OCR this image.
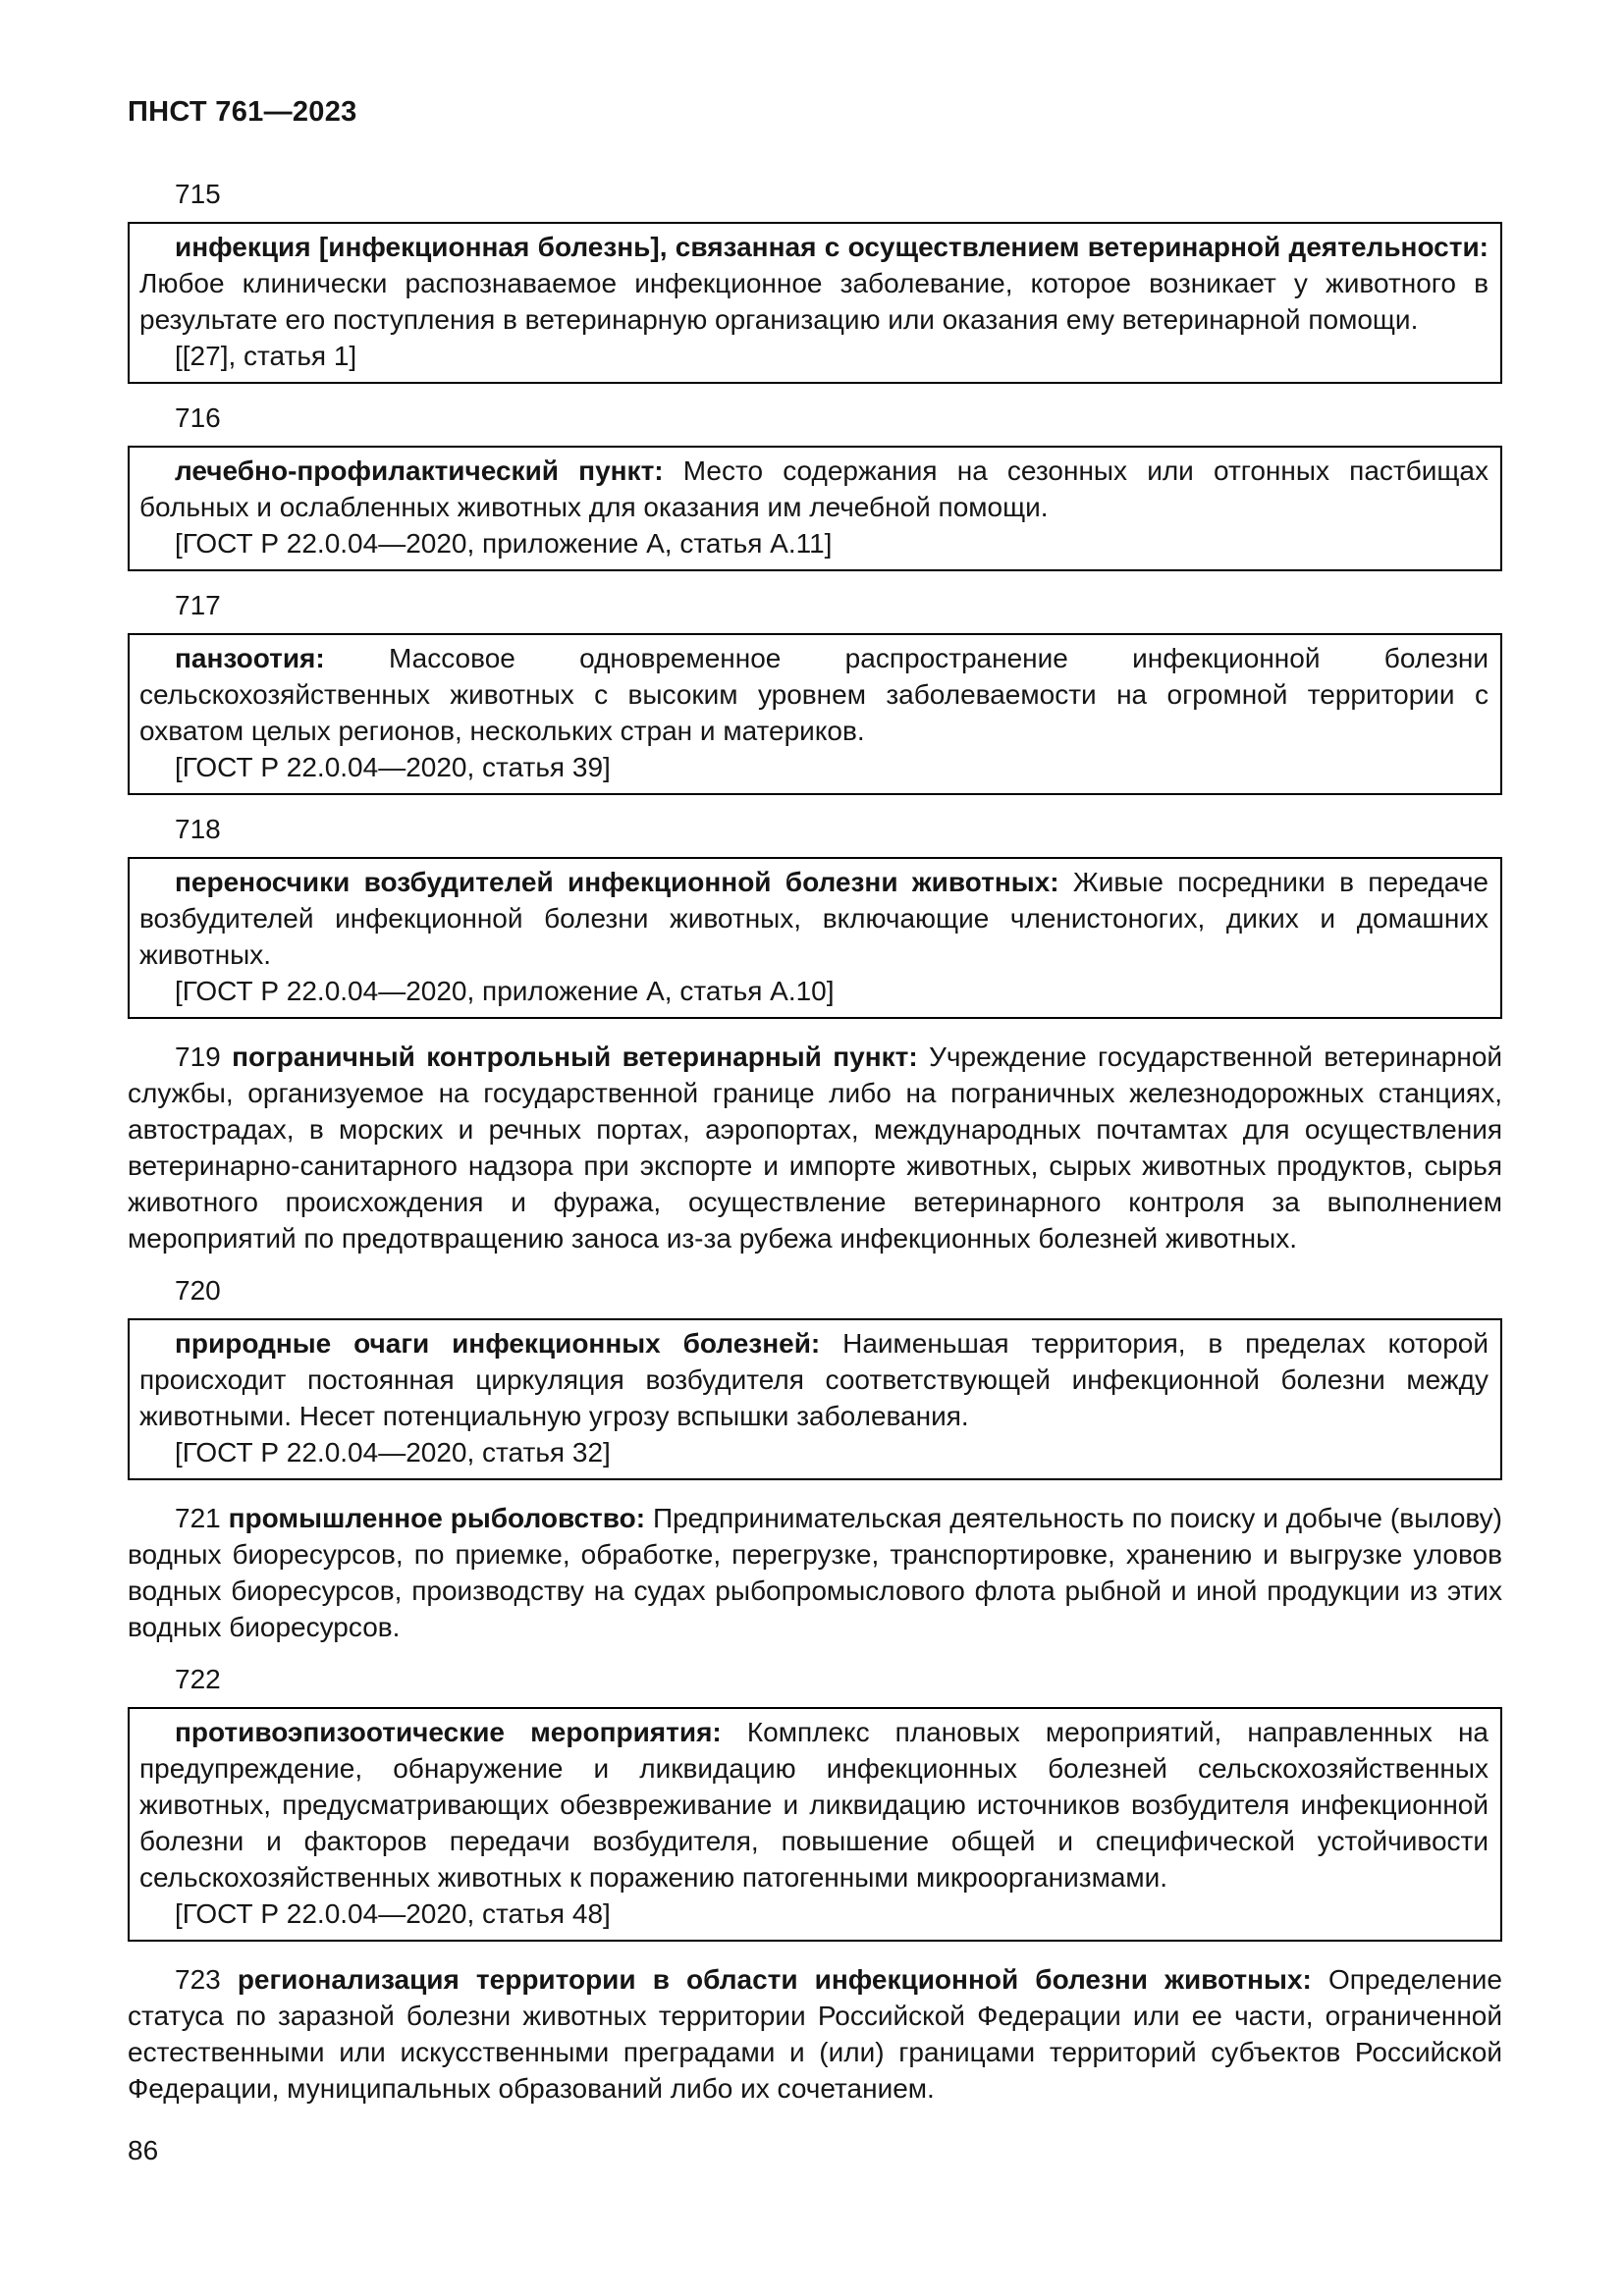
ПНСТ 761—2023
715

инфекция [инфекционная болезнь], связанная с осуществлением ветеринарной деятельности: Любое клинически распознаваемое инфекционное заболевание, которое возникает у животного в результате его поступления в ветеринарную организацию или оказания ему ветеринарной помощи.

[[27], статья 1]

716

лечебно-профилактический пункт: Место содержания на сезонных или отгонных пастбищах больных и ослабленных животных для оказания им лечебной помощи.

[ГОСТ Р 22.0.04—2020, приложение А, статья А.11]

717

панзоотия: Массовое одновременное распространение инфекционной болезни сельскохозяйственных животных с высоким уровнем заболеваемости на огромной территории с охватом целых регионов, нескольких стран и материков.

[ГОСТ Р 22.0.04—2020, статья 39]

718

переносчики возбудителей инфекционной болезни животных: Живые посредники в передаче возбудителей инфекционной болезни животных, включающие членистоногих, диких и домашних животных.

[ГОСТ Р 22.0.04—2020, приложение А, статья А.10]

719 пограничный контрольный ветеринарный пункт: Учреждение государственной ветеринарной службы, организуемое на государственной границе либо на пограничных железнодорожных станциях, автострадах, в морских и речных портах, аэропортах, международных почтамтах для осуществления ветеринарно-санитарного надзора при экспорте и импорте животных, сырых животных продуктов, сырья животного происхождения и фуража, осуществление ветеринарного контроля за выполнением мероприятий по предотвращению заноса из-за рубежа инфекционных болезней животных.

720

природные очаги инфекционных болезней: Наименьшая территория, в пределах которой происходит постоянная циркуляция возбудителя соответствующей инфекционной болезни между животными. Несет потенциальную угрозу вспышки заболевания.

[ГОСТ Р 22.0.04—2020, статья 32]

721 промышленное рыболовство: Предпринимательская деятельность по поиску и добыче (вылову) водных биоресурсов, по приемке, обработке, перегрузке, транспортировке, хранению и выгрузке уловов водных биоресурсов, производству на судах рыбопромыслового флота рыбной и иной продукции из этих водных биоресурсов.

722

противоэпизоотические мероприятия: Комплекс плановых мероприятий, направленных на предупреждение, обнаружение и ликвидацию инфекционных болезней сельскохозяйственных животных, предусматривающих обезвреживание и ликвидацию источников возбудителя инфекционной болезни и факторов передачи возбудителя, повышение общей и специфической устойчивости сельскохозяйственных животных к поражению патогенными микроорганизмами.

[ГОСТ Р 22.0.04—2020, статья 48]

723 регионализация территории в области инфекционной болезни животных: Определение статуса по заразной болезни животных территории Российской Федерации или ее части, ограниченной естественными или искусственными преградами и (или) границами территорий субъектов Российской Федерации, муниципальных образований либо их сочетанием.

86
